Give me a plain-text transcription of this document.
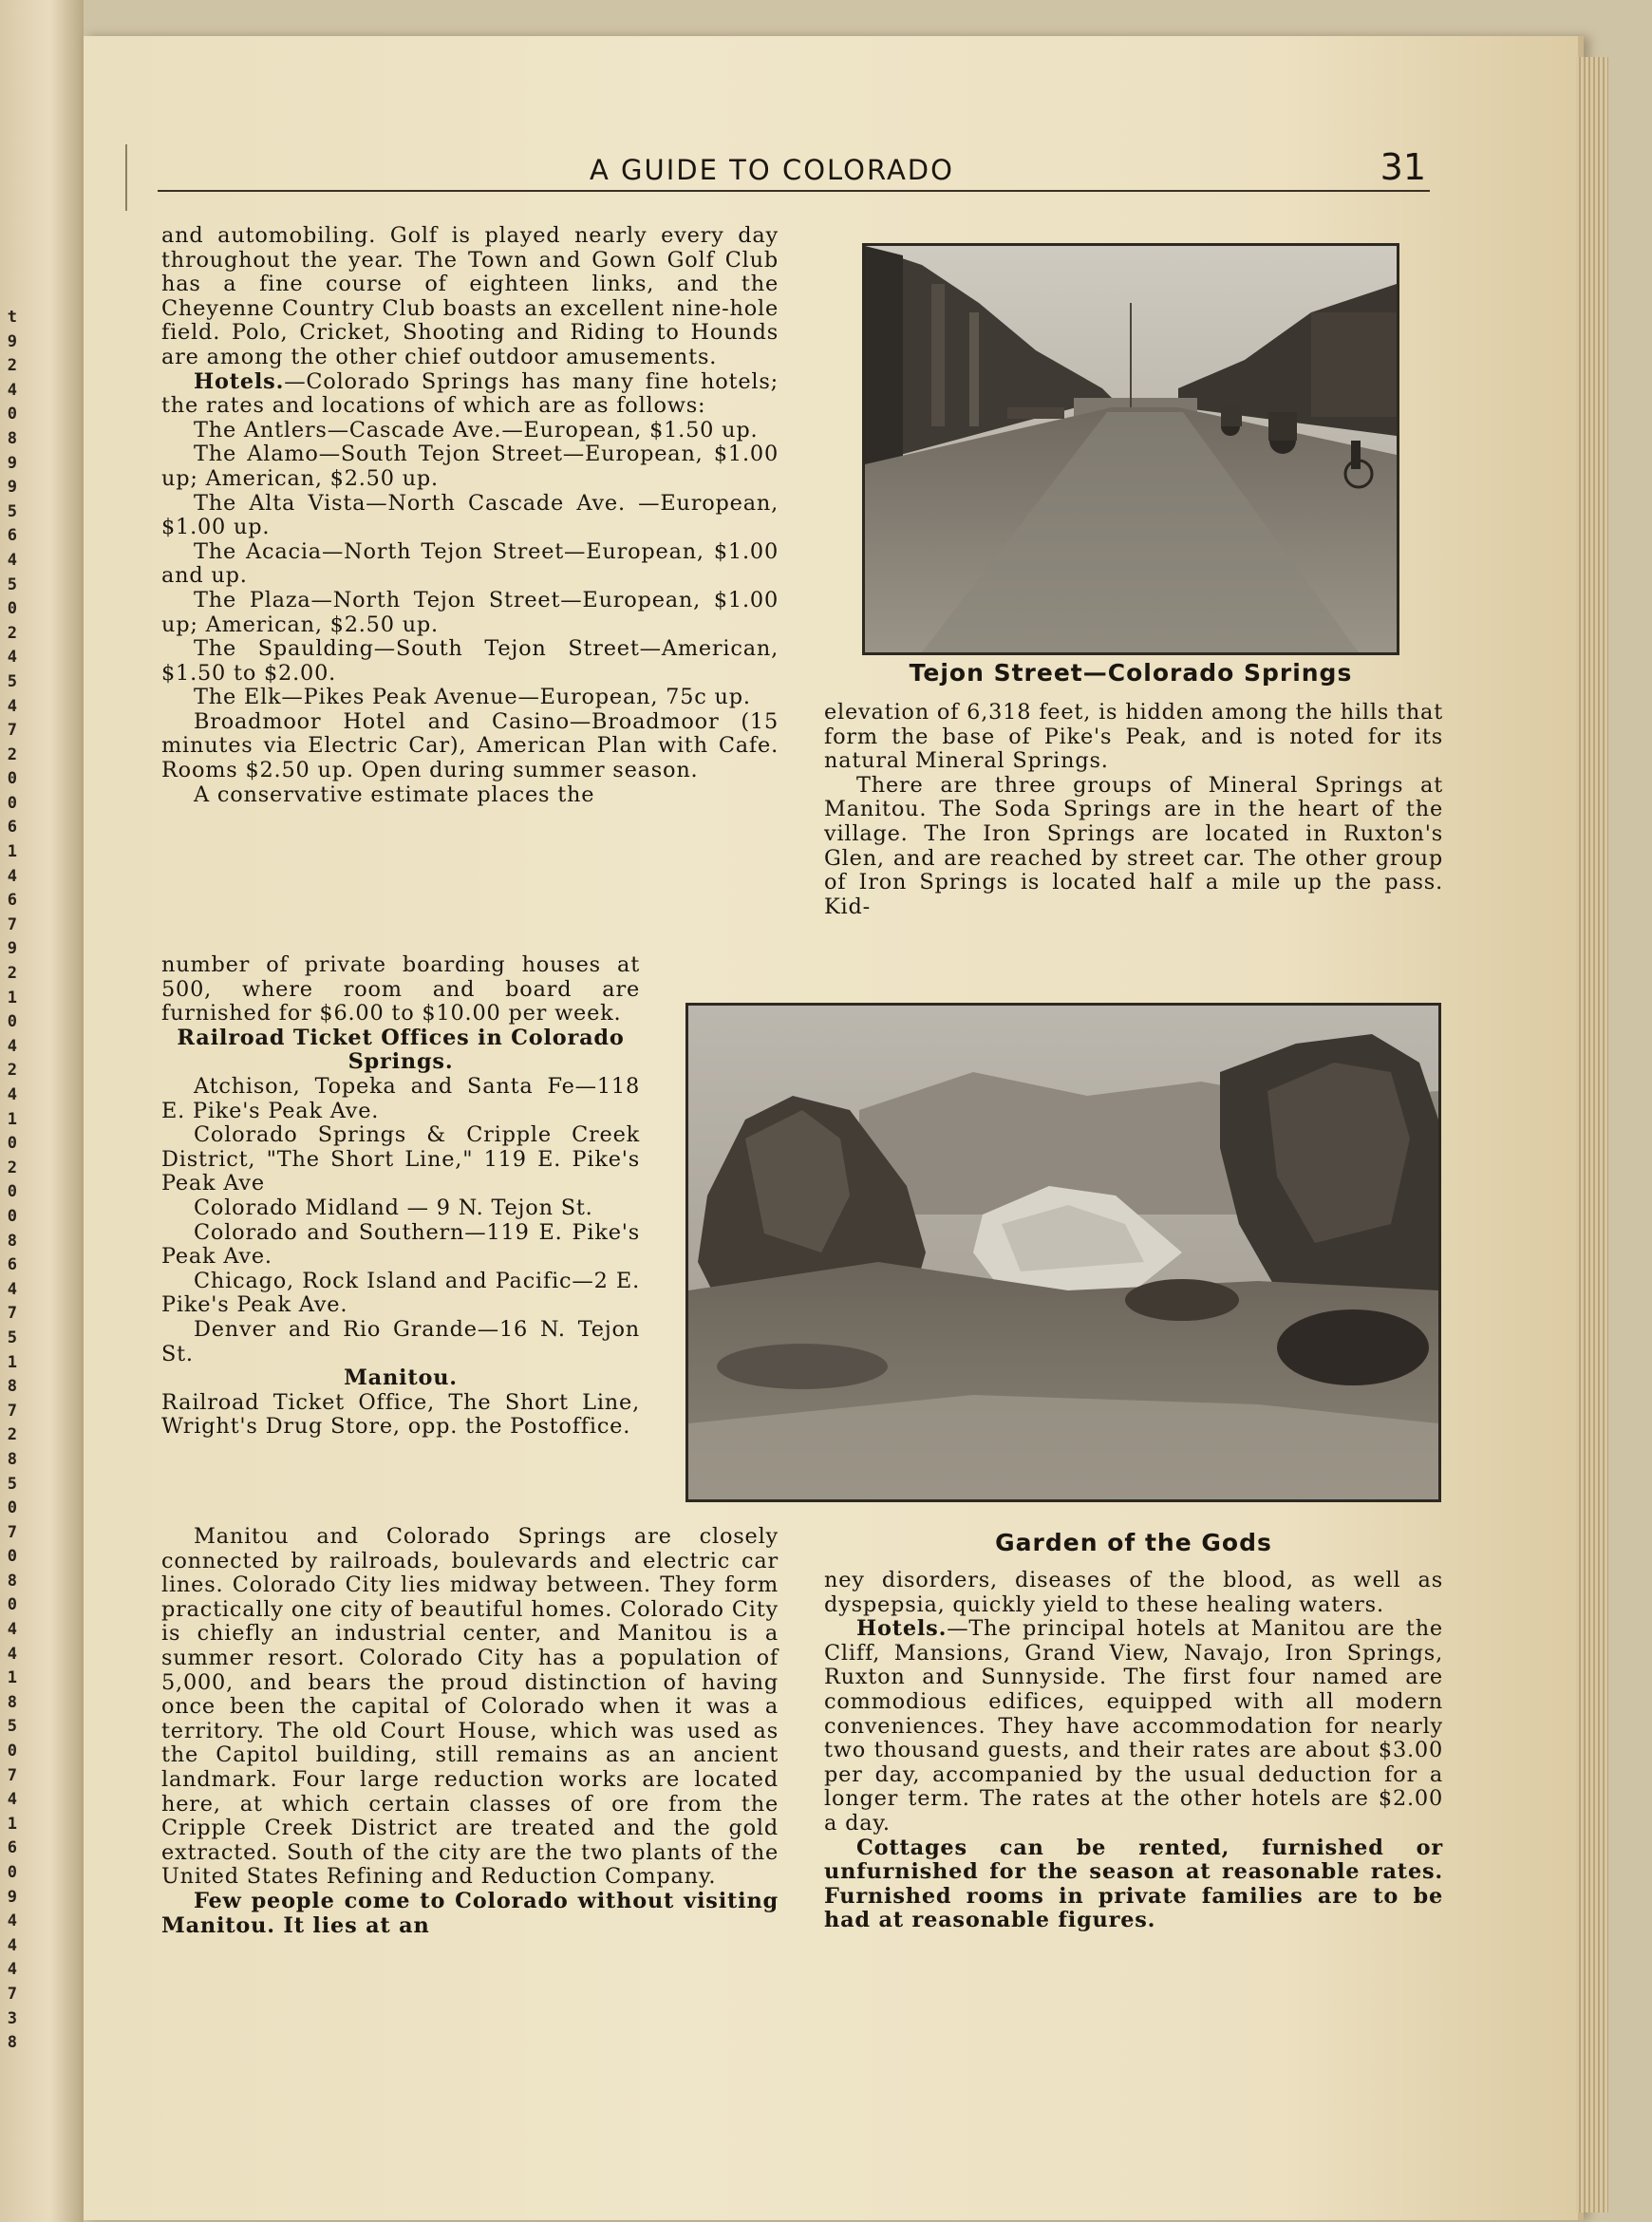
t
9
2
4
0
8
9
9
5
6
4
5
0
2
4
5
4
7
2
0
0
6
1
4
6
7
9
2
1
0
4
2
4
1
0
2
0
0
8
6
4
7
5
1
8
7
2
8
5
0
7
0
8
0
4
4
1
8
5
0
7
4
1
6
0
9
4
4
4
7
3
8
A GUIDE TO COLORADO	31

and automobiling. Golf is played nearly every day throughout the year. The Town and Gown Golf Club has a fine course of eighteen links, and the Cheyenne Country Club boasts an excellent nine-hole field. Polo, Cricket, Shooting and Riding to Hounds are among the other chief outdoor amusements.

Hotels.—Colorado Springs has many fine hotels; the rates and locations of which are as follows:

The Antlers—Cascade Ave.—European, $1.50 up.

The Alamo—South Tejon Street—European, $1.00 up; American, $2.50 up.

The Alta Vista—North Cascade Ave. —European, $1.00 up.

The Acacia—North Tejon Street—European, $1.00 and up.

The Plaza—North Tejon Street—European, $1.00 up; American, $2.50 up.

The Spaulding—South Tejon Street—American, $1.50 to $2.00.

The Elk—Pikes Peak Avenue—European, 75c up.

Broadmoor Hotel and Casino—Broadmoor (15 minutes via Electric Car), American Plan with Cafe. Rooms $2.50 up. Open during summer season.

A conservative estimate places the

number of private boarding houses at 500, where room and board are furnished for $6.00 to $10.00 per week.

Railroad Ticket Offices in Colorado Springs.

Atchison, Topeka and Santa Fe—118 E. Pike's Peak Ave.

Colorado Springs & Cripple Creek District, "The Short Line," 119 E. Pike's Peak Ave

Colorado Midland — 9 N. Tejon St.

Colorado and Southern—119 E. Pike's Peak Ave.

Chicago, Rock Island and Pacific—2 E. Pike's Peak Ave.

Denver and Rio Grande—16 N. Tejon St.

Manitou.

Railroad Ticket Office, The Short Line, Wright's Drug Store, opp. the Postoffice.

Manitou and Colorado Springs are closely connected by railroads, boulevards and electric car lines. Colorado City lies midway between. They form practically one city of beautiful homes. Colorado City is chiefly an industrial center, and Manitou is a summer resort. Colorado City has a population of 5,000, and bears the proud distinction of having once been the capital of Colorado when it was a territory. The old Court House, which was used as the Capitol building, still remains as an ancient landmark. Four large reduction works are located here, at which certain classes of ore from the Cripple Creek District are treated and the gold extracted. South of the city are the two plants of the United States Refining and Reduction Company.

Few people come to Colorado without visiting Manitou. It lies at an

Tejon Street—Colorado Springs

elevation of 6,318 feet, is hidden among the hills that form the base of Pike's Peak, and is noted for its natural Mineral Springs.

There are three groups of Mineral Springs at Manitou. The Soda Springs are in the heart of the village. The Iron Springs are located in Ruxton's Glen, and are reached by street car. The other group of Iron Springs is located half a mile up the pass. Kid-

Garden of the Gods

ney disorders, diseases of the blood, as well as dyspepsia, quickly yield to these healing waters.

Hotels.—The principal hotels at Manitou are the Cliff, Mansions, Grand View, Navajo, Iron Springs, Ruxton and Sunnyside. The first four named are commodious edifices, equipped with all modern conveniences. They have accommodation for nearly two thousand guests, and their rates are about $3.00 per day, accompanied by the usual deduction for a longer term. The rates at the other hotels are $2.00 a day.

Cottages can be rented, furnished or unfurnished for the season at reasonable rates. Furnished rooms in private families are to be had at reasonable figures.
